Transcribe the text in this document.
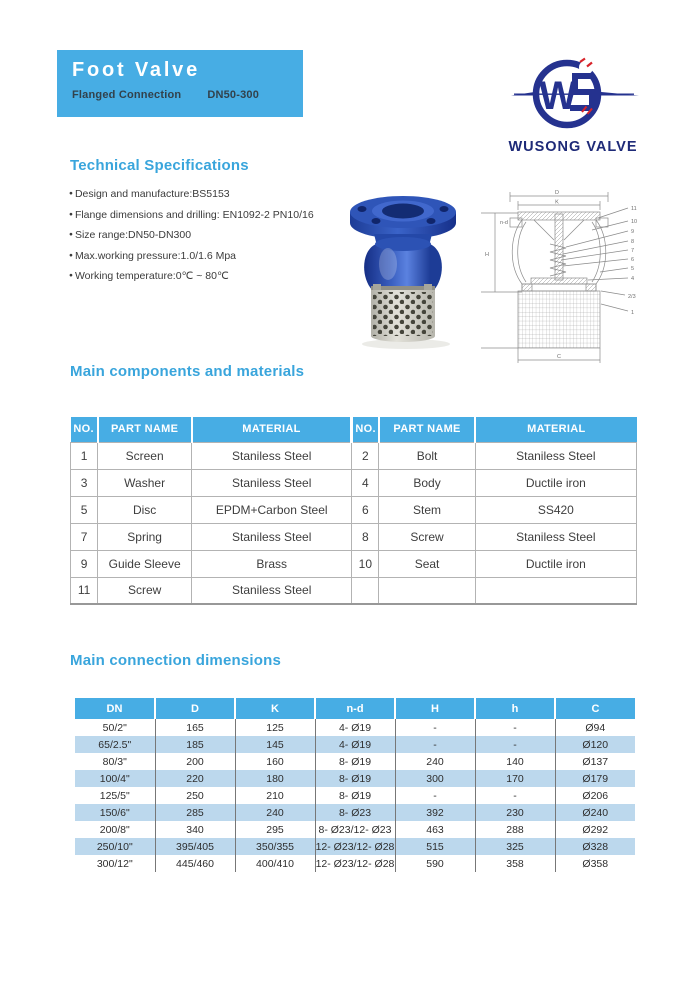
Foot Valve
Flanged Connection DN50-300	W
WUSONG VALVE
Technical Specifications
● Design and manufacture:BS5153
● Flange dimensions and drilling: EN1092-2 PN10/16
● Size range:DN50-DN300
● Max.working pressure:1.0/1.6 Mpa
● Working temperature:0℃ ~ 80℃
D
K
H
n-d
C
11
10
9
8
7
6
5
4
2/3
1
Main components and materials
NO.	PART NAME	MATERIAL	NO.	PART NAME	MATERIAL
1	Screen	Staniless Steel	2	Bolt	Staniless Steel
3	Washer	Staniless Steel	4	Body	Ductile iron
5	Disc	EPDM+Carbon Steel	6	Stem	SS420
7	Spring	Staniless Steel	8	Screw	Staniless Steel
9	Guide Sleeve	Brass	10	Seat	Ductile iron
11	Screw	Staniless Steel			
Main connection dimensions
DN	D	K	n-d	H	h	C
50/2"	165	125	4- Ø19	-	-	Ø94
65/2.5"	185	145	4- Ø19	-	-	Ø120
80/3"	200	160	8- Ø19	240	140	Ø137
100/4"	220	180	8- Ø19	300	170	Ø179
125/5"	250	210	8- Ø19	-	-	Ø206
150/6"	285	240	8- Ø23	392	230	Ø240
200/8"	340	295	8- Ø23/12- Ø23	463	288	Ø292
250/10"	395/405	350/355	12- Ø23/12- Ø28	515	325	Ø328
300/12"	445/460	400/410	12- Ø23/12- Ø28	590	358	Ø358
